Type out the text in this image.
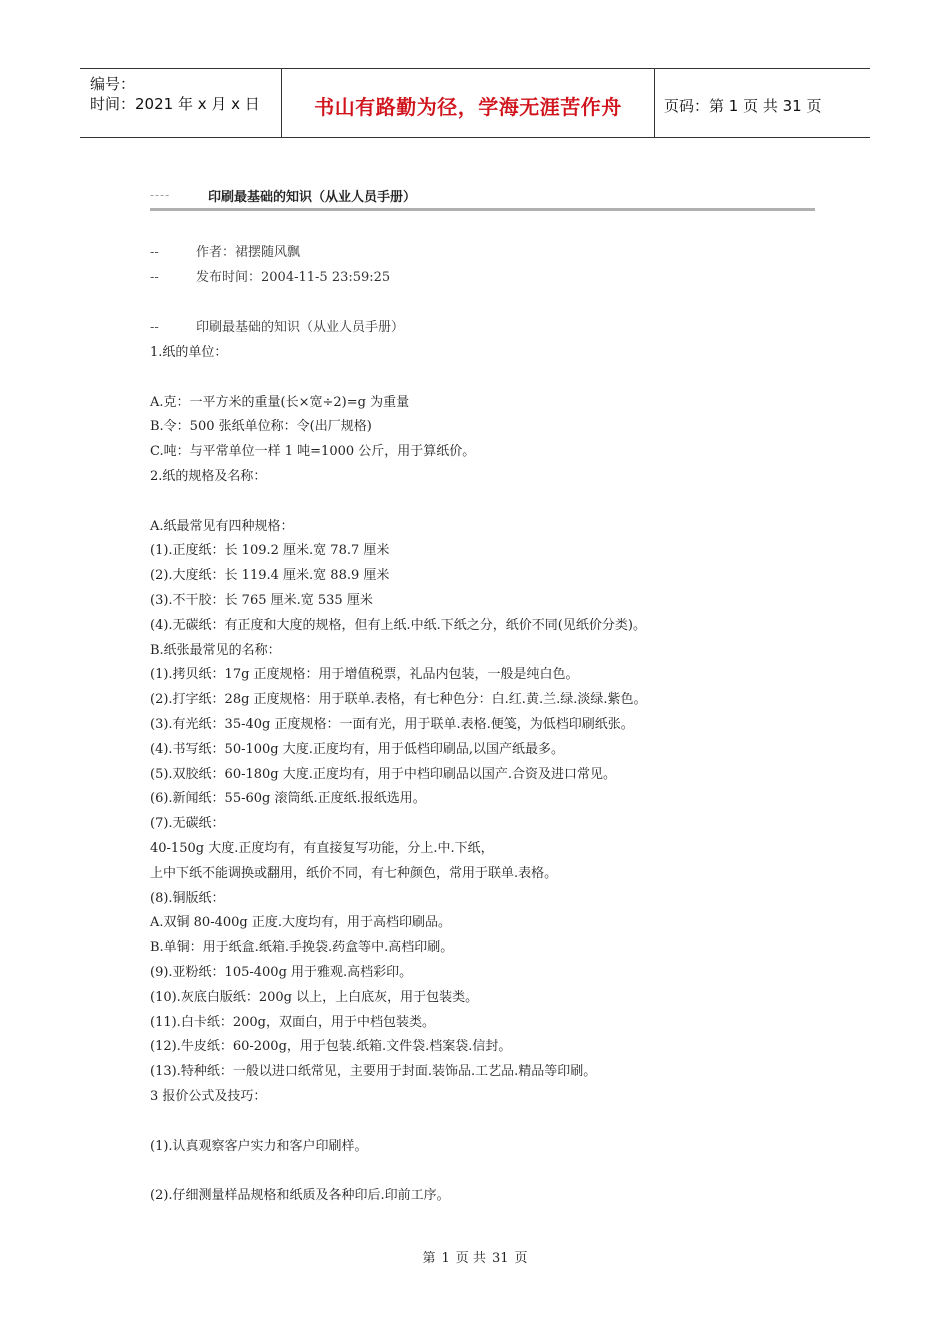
编号：
时间：2021 年 x 月 x 日	书山有路勤为径，学海无涯苦作舟	页码：第 1 页 共 31 页
----	印刷最基础的知识（从业人员手册）
--	作者：裙摆随风飘
--	发布时间：2004-11-5 23:59:25
--	印刷最基础的知识（从业人员手册）
1.纸的单位：
A.克：一平方米的重量(长×宽÷2)=g 为重量
B.令：500 张纸单位称：令(出厂规格)
C.吨：与平常单位一样 1 吨=1000 公斤，用于算纸价。
2.纸的规格及名称：
A.纸最常见有四种规格：
(1).正度纸：长 109.2 厘米.宽 78.7 厘米
(2).大度纸：长 119.4 厘米.宽 88.9 厘米
(3).不干胶：长 765 厘米.宽 535 厘米
(4).无碳纸：有正度和大度的规格，但有上纸.中纸.下纸之分，纸价不同(见纸价分类)。
B.纸张最常见的名称：
(1).拷贝纸：17g 正度规格：用于增值税票，礼品内包装，一般是纯白色。
(2).打字纸：28g 正度规格：用于联单.表格，有七种色分：白.红.黄.兰.绿.淡绿.紫色。
(3).有光纸：35-40g 正度规格：一面有光，用于联单.表格.便笺，为低档印刷纸张。
(4).书写纸：50-100g 大度.正度均有，用于低档印刷品,以国产纸最多。
(5).双胶纸：60-180g 大度.正度均有，用于中档印刷品以国产.合资及进口常见。
(6).新闻纸：55-60g 滚筒纸.正度纸.报纸选用。
(7).无碳纸：
40-150g 大度.正度均有，有直接复写功能，分上.中.下纸，
上中下纸不能调换或翻用，纸价不同，有七种颜色，常用于联单.表格。
(8).铜版纸：
A.双铜 80-400g 正度.大度均有，用于高档印刷品。
B.单铜：用于纸盒.纸箱.手挽袋.药盒等中.高档印刷。
(9).亚粉纸：105-400g 用于雅观.高档彩印。
(10).灰底白版纸：200g 以上，上白底灰，用于包装类。
(11).白卡纸：200g，双面白，用于中档包装类。
(12).牛皮纸：60-200g，用于包装.纸箱.文件袋.档案袋.信封。
(13).特种纸：一般以进口纸常见，主要用于封面.装饰品.工艺品.精品等印刷。
3 报价公式及技巧：
(1).认真观察客户实力和客户印刷样。
(2).仔细测量样品规格和纸质及各种印后.印前工序。
第 1 页 共 31 页
